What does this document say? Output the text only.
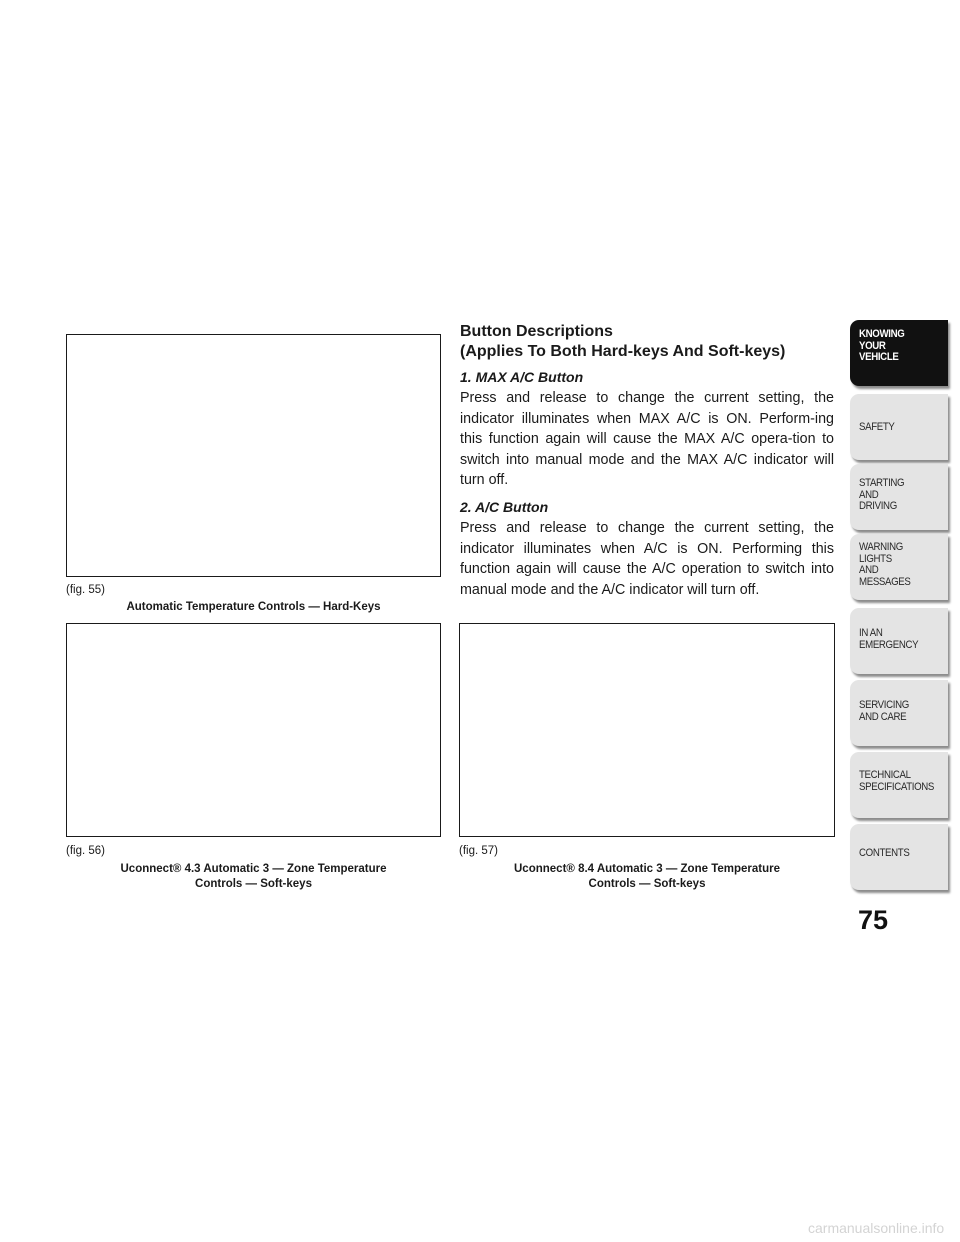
(fig. 55)
Automatic Temperature Controls — Hard-Keys
(fig. 56)
Uconnect® 4.3 Automatic 3 — Zone Temperature
Controls — Soft-keys
(fig. 57)
Uconnect® 8.4 Automatic 3 — Zone Temperature
Controls — Soft-keys
Button Descriptions
(Applies To Both Hard-keys And Soft-keys)
1. MAX A/C Button
Press and release to change the current setting, the indicator illuminates when MAX A/C is ON. Perform-ing this function again will cause the MAX A/C opera-tion to switch into manual mode and the MAX A/C indicator will turn off.
2. A/C Button
Press and release to change the current setting, the indicator illuminates when A/C is ON. Performing this function again will cause the A/C operation to switch into manual mode and the A/C indicator will turn off.
KNOWING
YOUR
VEHICLE
SAFETY
STARTING
AND
DRIVING
WARNING
LIGHTS
AND
MESSAGES
IN AN
EMERGENCY
SERVICING
AND CARE
TECHNICAL
SPECIFICATIONS
CONTENTS
75
carmanualsonline.info
